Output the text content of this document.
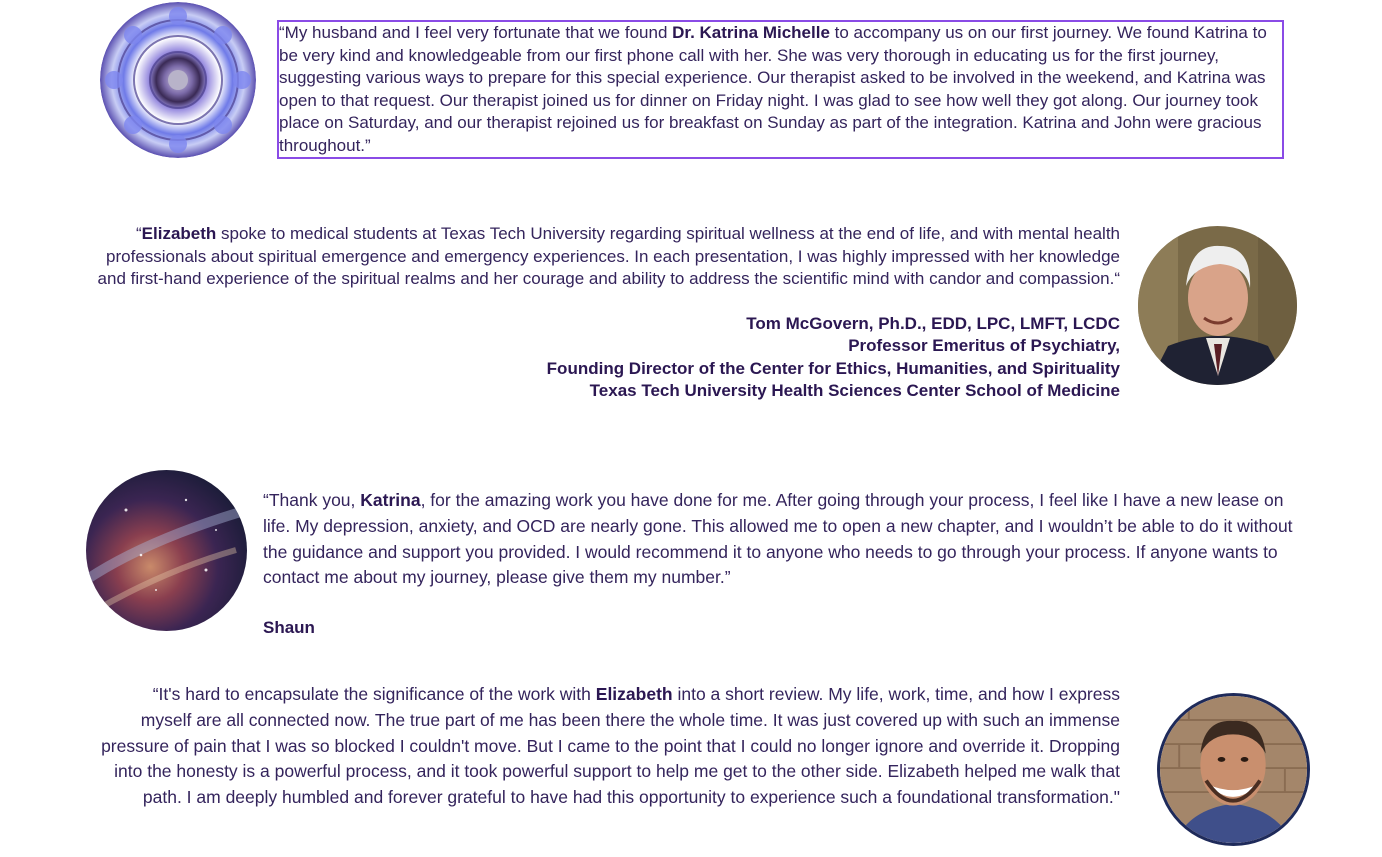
“My husband and I feel very fortunate that we found Dr. Katrina Michelle to accompany us on our first journey. We found Katrina to be very kind and knowledgeable from our first phone call with her. She was very thorough in educating us for the first journey, suggesting various ways to prepare for this special experience. Our therapist asked to be involved in the weekend, and Katrina was open to that request. Our therapist joined us for dinner on Friday night. I was glad to see how well they got along. Our journey took place on Saturday, and our therapist rejoined us for breakfast on Sunday as part of the integration. Katrina and John were gracious throughout.”

“Elizabeth spoke to medical students at Texas Tech University regarding spiritual wellness at the end of life, and with mental health professionals about spiritual emergence and emergency experiences. In each presentation, I was highly impressed with her knowledge and first-hand experience of the spiritual realms and her courage and ability to address the scientific mind with candor and compassion.“

Tom McGovern, Ph.D., EDD, LPC, LMFT, LCDC
Professor Emeritus of Psychiatry,
Founding Director of the Center for Ethics, Humanities, and Spirituality
Texas Tech University Health Sciences Center School of Medicine

“Thank you, Katrina, for the amazing work you have done for me. After going through your process, I feel like I have a new lease on life. My depression, anxiety, and OCD are nearly gone. This allowed me to open a new chapter, and I wouldn’t be able to do it without the guidance and support you provided. I would recommend it to anyone who needs to go through your process. If anyone wants to contact me about my journey, please give them my number.”

Shaun

“It's hard to encapsulate the significance of the work with Elizabeth into a short review. My life, work, time, and how I express myself are all connected now. The true part of me has been there the whole time. It was just covered up with such an immense pressure of pain that I was so blocked I couldn't move. But I came to the point that I could no longer ignore and override it. Dropping into the honesty is a powerful process, and it took powerful support to help me get to the other side. Elizabeth helped me walk that path. I am deeply humbled and forever grateful to have had this opportunity to experience such a foundational transformation."
